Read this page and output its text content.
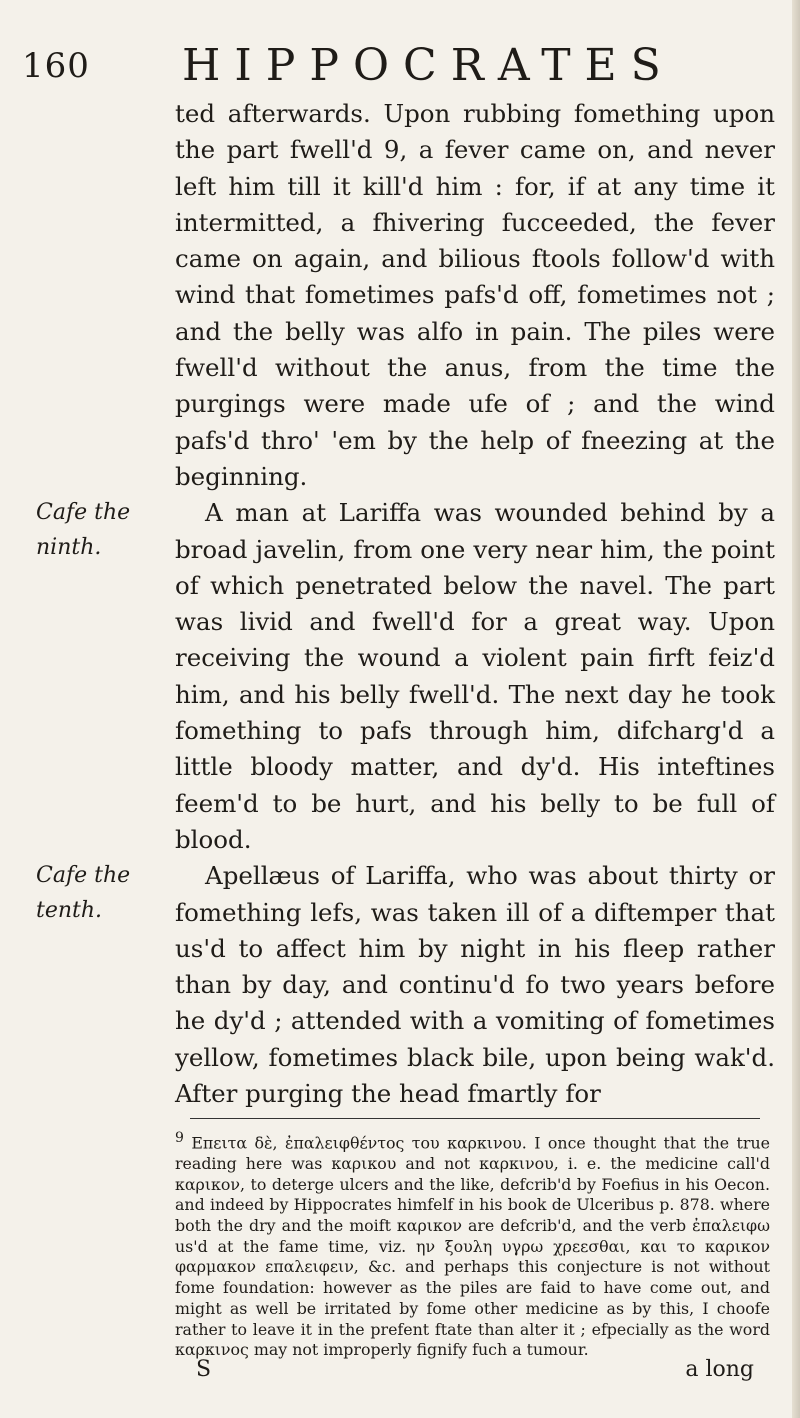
160 HIPPOCRATES
Cafe the ninth.
Cafe the tenth.

ted afterwards. Upon rubbing fomething upon the part fwell'd 9, a fever came on, and never left him till it kill'd him : for, if at any time it intermitted, a fhivering fucceeded, the fever came on again, and bilious ftools follow'd with wind that fometimes pafs'd off, fometimes not ; and the belly was alfo in pain. The piles were fwell'd without the anus, from the time the purgings were made ufe of ; and the wind pafs'd thro' 'em by the help of fneezing at the beginning.

A man at Lariffa was wounded behind by a broad javelin, from one very near him, the point of which penetrated below the navel. The part was livid and fwell'd for a great way. Upon receiving the wound a violent pain firft feiz'd him, and his belly fwell'd. The next day he took fomething to pafs through him, difcharg'd a little bloody matter, and dy'd. His inteftines feem'd to be hurt, and his belly to be full of blood.

Apellæus of Lariffa, who was about thirty or fomething lefs, was taken ill of a diftemper that us'd to affect him by night in his fleep rather than by day, and continu'd fo two years before he dy'd ; attended with a vomiting of fometimes yellow, fometimes black bile, upon being wak'd. After purging the head fmartly for

9 Επειτα δὲ, ἐπαλειφθέντος του καρκινου. I once thought that the true reading here was καρικου and not καρκινου, i. e. the medicine call'd καρικον, to deterge ulcers and the like, defcrib'd by Foefius in his Oecon. and indeed by Hippocrates himfelf in his book de Ulceribus p. 878. where both the dry and the moift καρικον are defcrib'd, and the verb ἐπαλειφω us'd at the fame time, viz. ην ξουλη υγρω χρεεσθαι, και το καρικον φαρμακον επαλειφειν, &c. and perhaps this conjecture is not without fome foundation: however as the piles are faid to have come out, and might as well be irritated by fome other medicine as by this, I choofe rather to leave it in the prefent ftate than alter it ; efpecially as the word καρκινος may not improperly fignify fuch a tumour.

S	a long
